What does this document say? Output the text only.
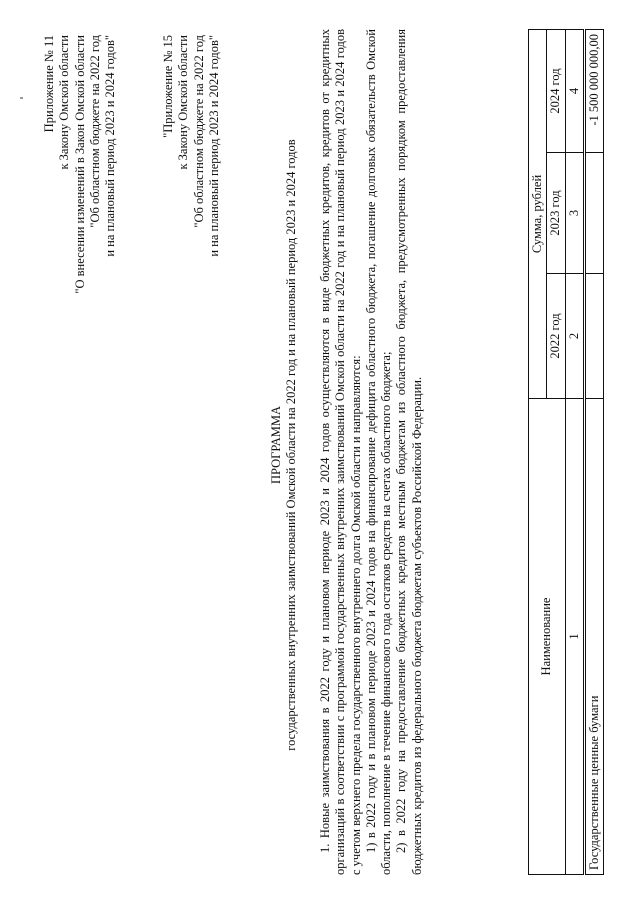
Приложение № 11 к Закону Омской области "О внесении изменений в Закон Омской области "Об областном бюджете на 2022 год и на плановый период 2023 и 2024 годов"	"Приложение № 15 к Закону Омской области "Об областном бюджете на 2022 год и на плановый период 2023 и 2024 годов"
ПРОГРАММА государственных внутренних заимствований Омской области на 2022 год и на плановый период 2023 и 2024 годов 1. Новые заимствования в 2022 году и плановом периоде 2023 и 2024 годов осуществляются в виде бюджетных кредитов, кредитов от кредитных организаций в соответствии с программой государственных внутренних заимствований Омской области на 2022 год и на плановый период 2023 и 2024 годов с учетом верхнего предела государственного внутреннего долга Омской области и направляются: 1) в 2022 году и в плановом периоде 2023 и 2024 годов на финансирование дефицита областного бюджета, погашение долговых обязательств Омской области, пополнение в течение финансового года остатков средств на счетах областного бюджета; 2) в 2022 году на предоставление бюджетных кредитов местным бюджетам из областного бюджета, предусмотренных порядком предоставления бюджетных кредитов из федерального бюджета бюджетам субъектов Российской Федерации.	Наименование	Сумма, рублей		
	2022 год	2023 год	2024 год
1	2	3	4
Государственные ценные бумаги			-1 500 000 000,00
